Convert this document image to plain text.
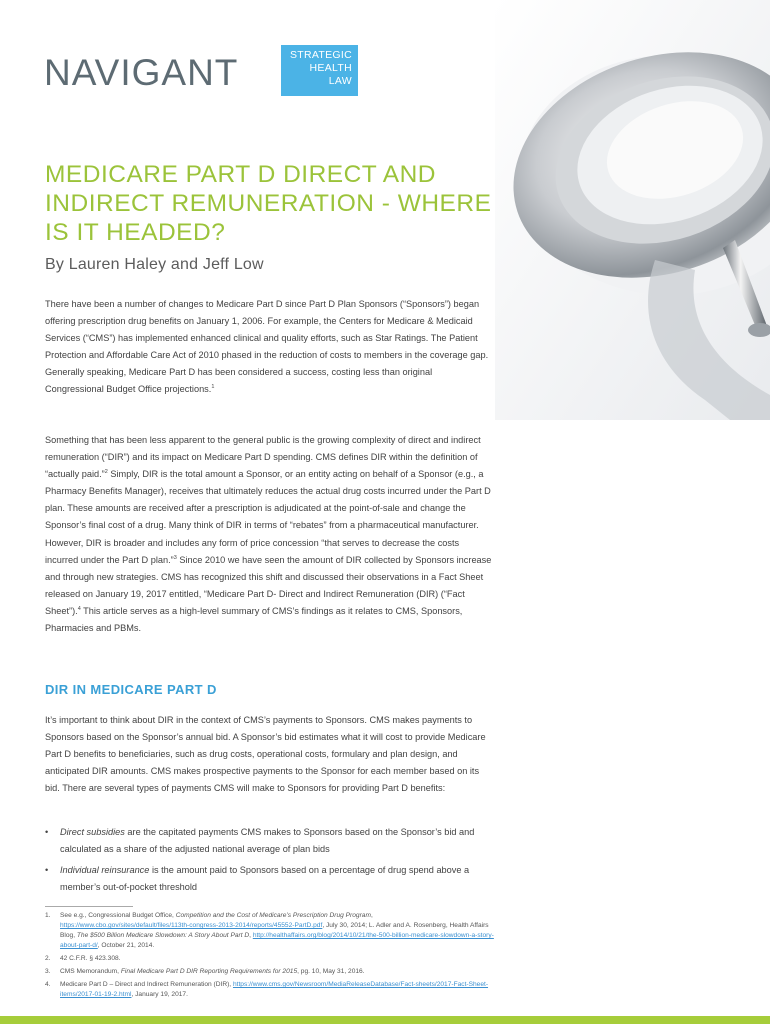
NAVIGANT	STRATEGIC
HEALTH
LAW
MEDICARE PART D DIRECT AND INDIRECT REMUNERATION - WHERE IS IT HEADED?

By Lauren Haley and Jeff Low

There have been a number of changes to Medicare Part D since Part D Plan Sponsors (“Sponsors”) began offering prescription drug benefits on January 1, 2006. For example, the Centers for Medicare & Medicaid Services (“CMS”) has implemented enhanced clinical and quality efforts, such as Star Ratings. The Patient Protection and Affordable Care Act of 2010 phased in the reduction of costs to members in the coverage gap. Generally speaking, Medicare Part D has been considered a success, costing less than original Congressional Budget Office projections.$^1$

Something that has been less apparent to the general public is the growing complexity of direct and indirect remuneration (“DIR”) and its impact on Medicare Part D spending. CMS defines DIR within the definition of “actually paid.”$^2$ Simply, DIR is the total amount a Sponsor, or an entity acting on behalf of a Sponsor (e.g., a Pharmacy Benefits Manager), receives that ultimately reduces the actual drug costs incurred under the Part D plan. These amounts are received after a prescription is adjudicated at the point-of-sale and change the Sponsor’s final cost of a drug. Many think of DIR in terms of “rebates” from a pharmaceutical manufacturer. However, DIR is broader and includes any form of price concession “that serves to decrease the costs incurred under the Part D plan.”$^3$ Since 2010 we have seen the amount of DIR collected by Sponsors increase and through new strategies. CMS has recognized this shift and discussed their observations in a Fact Sheet released on January 19, 2017 entitled, “Medicare Part D- Direct and Indirect Remuneration (DIR) (“Fact Sheet”).$^4$ This article serves as a high-level summary of CMS’s findings as it relates to CMS, Sponsors, Pharmacies and PBMs.

DIR IN MEDICARE PART D

It’s important to think about DIR in the context of CMS’s payments to Sponsors. CMS makes payments to Sponsors based on the Sponsor’s annual bid. A Sponsor’s bid estimates what it will cost to provide Medicare Part D benefits to beneficiaries, such as drug costs, operational costs, formulary and plan design, and anticipated DIR amounts. CMS makes prospective payments to the Sponsor for each member based on its bid. There are several types of payments CMS will make to Sponsors for providing Part D benefits:

• Direct subsidies are the capitated payments CMS makes to Sponsors based on the Sponsor’s bid and calculated as a share of the adjusted national average of plan bids
• Individual reinsurance is the amount paid to Sponsors based on a percentage of drug spend above a member’s out-of-pocket threshold
1. See e.g., Congressional Budget Office, Competition and the Cost of Medicare’s Prescription Drug Program, https://www.cbo.gov/sites/default/files/113th-congress-2013-2014/reports/45552-PartD.pdf, July 30, 2014; L. Adler and A. Rosenberg, Health Affairs Blog, The $500 Billion Medicare Slowdown: A Story About Part D, http://healthaffairs.org/blog/2014/10/21/the-500-billion-medicare-slowdown-a-story-about-part-d/, October 21, 2014.
2. 42 C.F.R. § 423.308.
3. CMS Memorandum, Final Medicare Part D DIR Reporting Requirements for 2015, pg. 10, May 31, 2016.
4. Medicare Part D – Direct and Indirect Remuneration (DIR), https://www.cms.gov/Newsroom/MediaReleaseDatabase/Fact-sheets/2017-Fact-Sheet-items/2017-01-19-2.html, January 19, 2017.
